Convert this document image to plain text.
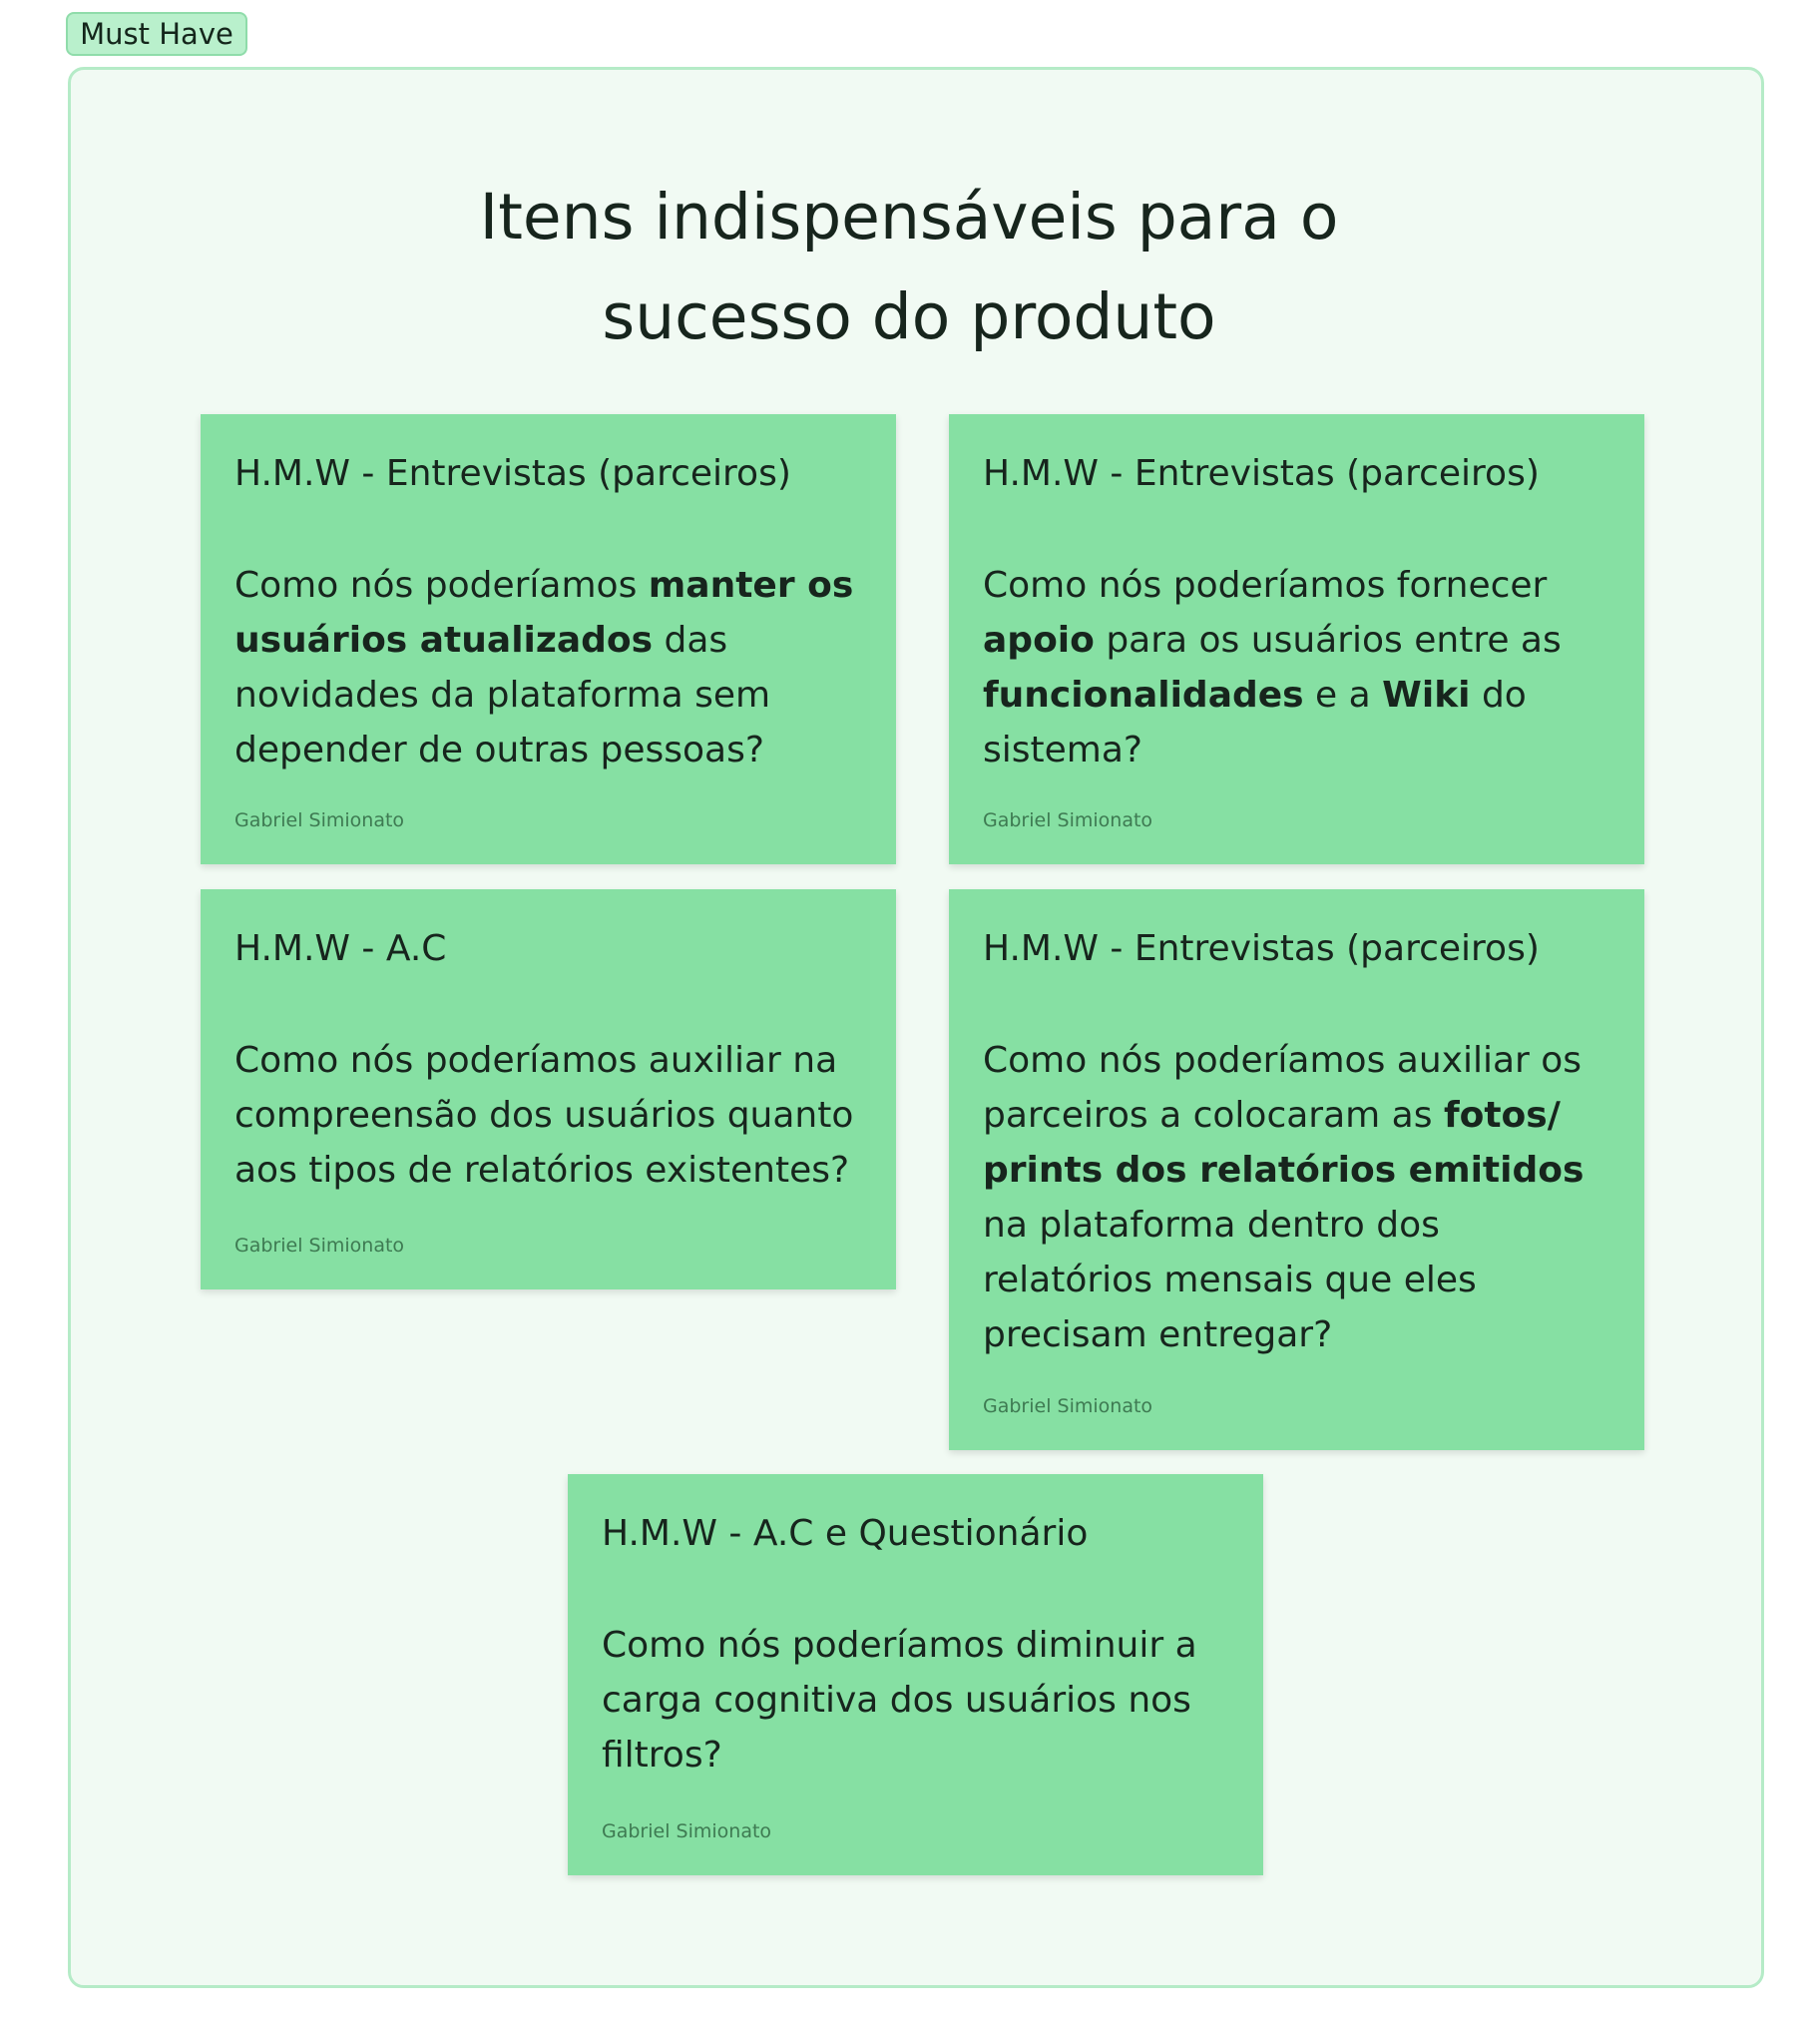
Must Have
Itens indispensáveis para o
sucesso do produto
H.M.W - Entrevistas (parceiros)

Como nós poderíamos manter os usuários atualizados das novidades da plataforma sem depender de outras pessoas?

Gabriel Simionato
H.M.W - Entrevistas (parceiros)

Como nós poderíamos fornecer apoio para os usuários entre as funcionalidades e a Wiki do sistema?

Gabriel Simionato
H.M.W - A.C

Como nós poderíamos auxiliar na compreensão dos usuários quanto aos tipos de relatórios existentes?

Gabriel Simionato
H.M.W - Entrevistas (parceiros)

Como nós poderíamos auxiliar os parceiros a colocaram as fotos/ prints dos relatórios emitidos na plataforma dentro dos relatórios mensais que eles precisam entregar?

Gabriel Simionato
H.M.W - A.C e Questionário

Como nós poderíamos diminuir a carga cognitiva dos usuários nos filtros?

Gabriel Simionato
